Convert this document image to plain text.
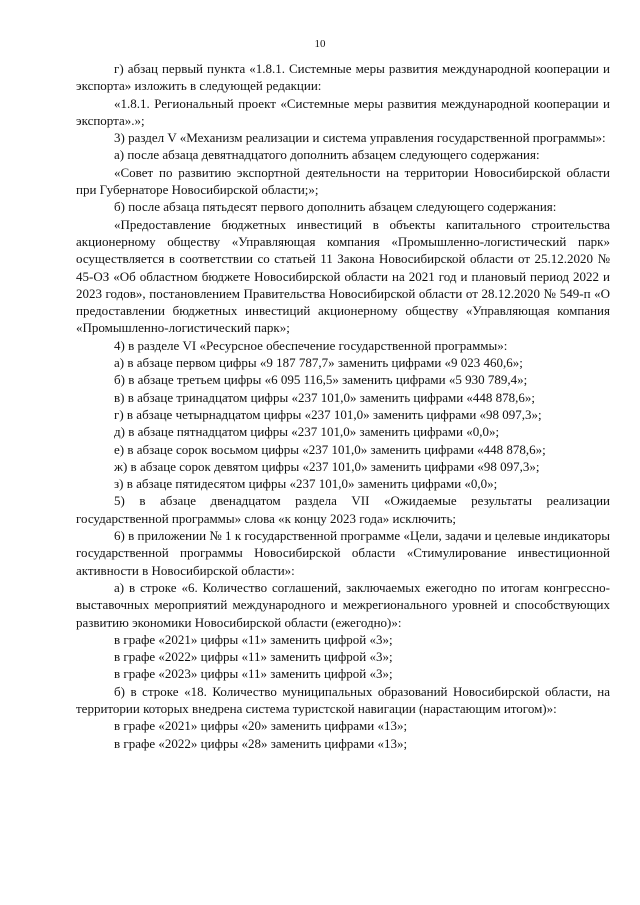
10

г) абзац первый пункта «1.8.1. Системные меры развития международной кооперации и экспорта» изложить в следующей редакции:

«1.8.1. Региональный проект «Системные меры развития международной кооперации и экспорта».»;

3) раздел V «Механизм реализации и система управления государственной программы»:

а) после абзаца девятнадцатого дополнить абзацем следующего содержания:

«Совет по развитию экспортной деятельности на территории Новосибирской области при Губернаторе Новосибирской области;»;

б) после абзаца пятьдесят первого дополнить абзацем следующего содержания:

«Предоставление бюджетных инвестиций в объекты капитального строительства акционерному обществу «Управляющая компания «Промышленно-логистический парк» осуществляется в соответствии со статьей 11 Закона Новосибирской области от 25.12.2020 № 45-ОЗ «Об областном бюджете Новосибирской области на 2021 год и плановый период 2022 и 2023 годов», постановлением Правительства Новосибирской области от 28.12.2020 № 549-п «О предоставлении бюджетных инвестиций акционерному обществу «Управляющая компания «Промышленно-логистический парк»;

4) в разделе VI «Ресурсное обеспечение государственной программы»:

а) в абзаце первом цифры «9 187 787,7» заменить цифрами «9 023 460,6»;

б) в абзаце третьем цифры «6 095 116,5» заменить цифрами «5 930 789,4»;

в) в абзаце тринадцатом цифры «237 101,0» заменить цифрами «448 878,6»;

г) в абзаце четырнадцатом цифры «237 101,0» заменить цифрами «98 097,3»;

д) в абзаце пятнадцатом цифры «237 101,0» заменить цифрами «0,0»;

е) в абзаце сорок восьмом цифры «237 101,0» заменить цифрами «448 878,6»;

ж) в абзаце сорок девятом цифры «237 101,0» заменить цифрами «98 097,3»;

з) в абзаце пятидесятом цифры «237 101,0» заменить цифрами «0,0»;

5) в абзаце двенадцатом раздела VII «Ожидаемые результаты реализации государственной программы» слова «к концу 2023 года» исключить;

6) в приложении № 1 к государственной программе «Цели, задачи и целевые индикаторы государственной программы Новосибирской области «Стимулирование инвестиционной активности в Новосибирской области»:

а) в строке «6. Количество соглашений, заключаемых ежегодно по итогам конгрессно-выставочных мероприятий международного и межрегионального уровней и способствующих развитию экономики Новосибирской области (ежегодно)»:

в графе «2021» цифры «11» заменить цифрой «3»;

в графе «2022» цифры «11» заменить цифрой «3»;

в графе «2023» цифры «11» заменить цифрой «3»;

б) в строке «18. Количество муниципальных образований Новосибирской области, на территории которых внедрена система туристской навигации (нарастающим итогом)»:

в графе «2021» цифры «20» заменить цифрами «13»;

в графе «2022» цифры «28» заменить цифрами «13»;
